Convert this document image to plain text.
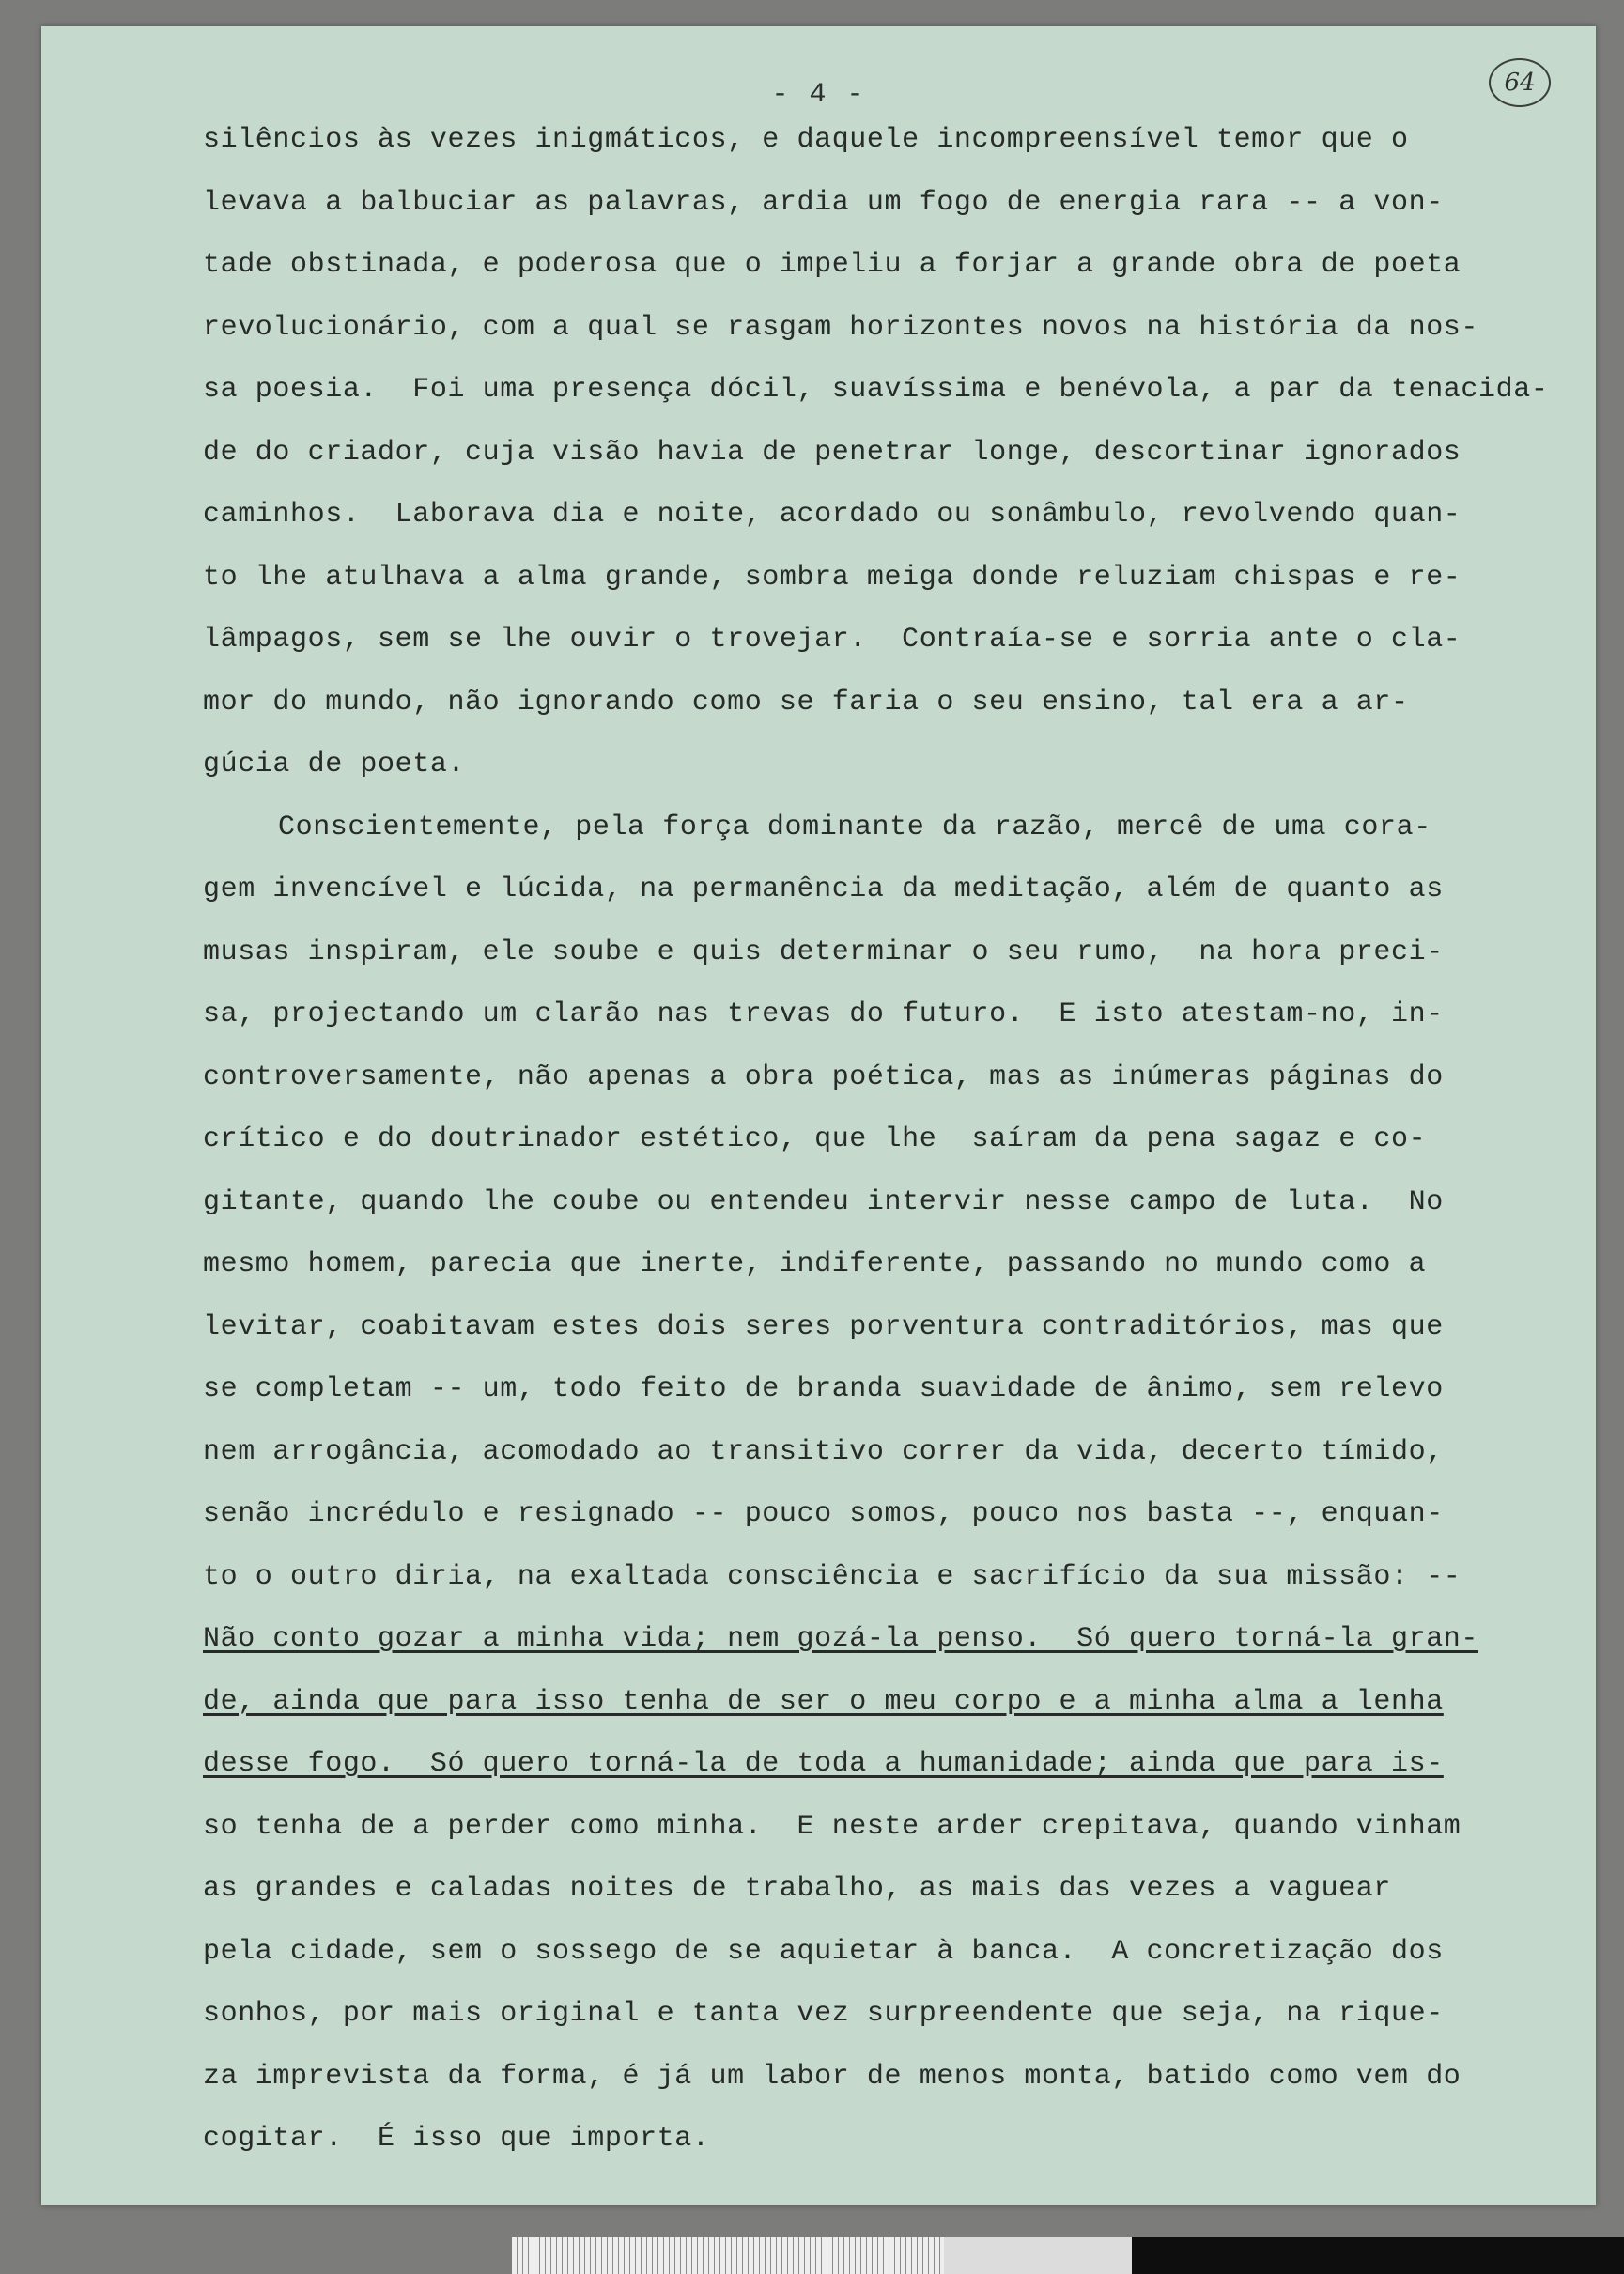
- 4 -	64
silêncios às vezes inigmáticos, e daquele incompreensível temor que o
levava a balbuciar as palavras, ardia um fogo de energia rara -- a von-
tade obstinada, e poderosa que o impeliu a forjar a grande obra de poeta
revolucionário, com a qual se rasgam horizontes novos na história da nos-
sa poesia.  Foi uma presença dócil, suavíssima e benévola, a par da tenacida-
de do criador, cuja visão havia de penetrar longe, descortinar ignorados
caminhos.  Laborava dia e noite, acordado ou sonâmbulo, revolvendo quan-
to lhe atulhava a alma grande, sombra meiga donde reluziam chispas e re-
lâmpagos, sem se lhe ouvir o trovejar.  Contraía-se e sorria ante o cla-
mor do mundo, não ignorando como se faria o seu ensino, tal era a ar-
gúcia de poeta.
Conscientemente, pela força dominante da razão, mercê de uma cora-
gem invencível e lúcida, na permanência da meditação, além de quanto as
musas inspiram, ele soube e quis determinar o seu rumo,  na hora preci-
sa, projectando um clarão nas trevas do futuro.  E isto atestam-no, in-
controversamente, não apenas a obra poética, mas as inúmeras páginas do
crítico e do doutrinador estético, que lhe  saíram da pena sagaz e co-
gitante, quando lhe coube ou entendeu intervir nesse campo de luta.  No
mesmo homem, parecia que inerte, indiferente, passando no mundo como a
levitar, coabitavam estes dois seres porventura contraditórios, mas que
se completam -- um, todo feito de branda suavidade de ânimo, sem relevo
nem arrogância, acomodado ao transitivo correr da vida, decerto tímido,
senão incrédulo e resignado -- pouco somos, pouco nos basta --, enquan-
to o outro diria, na exaltada consciência e sacrifício da sua missão: --
Não conto gozar a minha vida; nem gozá-la penso.  Só quero torná-la gran-
de, ainda que para isso tenha de ser o meu corpo e a minha alma a lenha
desse fogo.  Só quero torná-la de toda a humanidade; ainda que para is-
so tenha de a perder como minha.  E neste arder crepitava, quando vinham
as grandes e caladas noites de trabalho, as mais das vezes a vaguear
pela cidade, sem o sossego de se aquietar à banca.  A concretização dos
sonhos, por mais original e tanta vez surpreendente que seja, na rique-
za imprevista da forma, é já um labor de menos monta, batido como vem do
cogitar.  É isso que importa.
